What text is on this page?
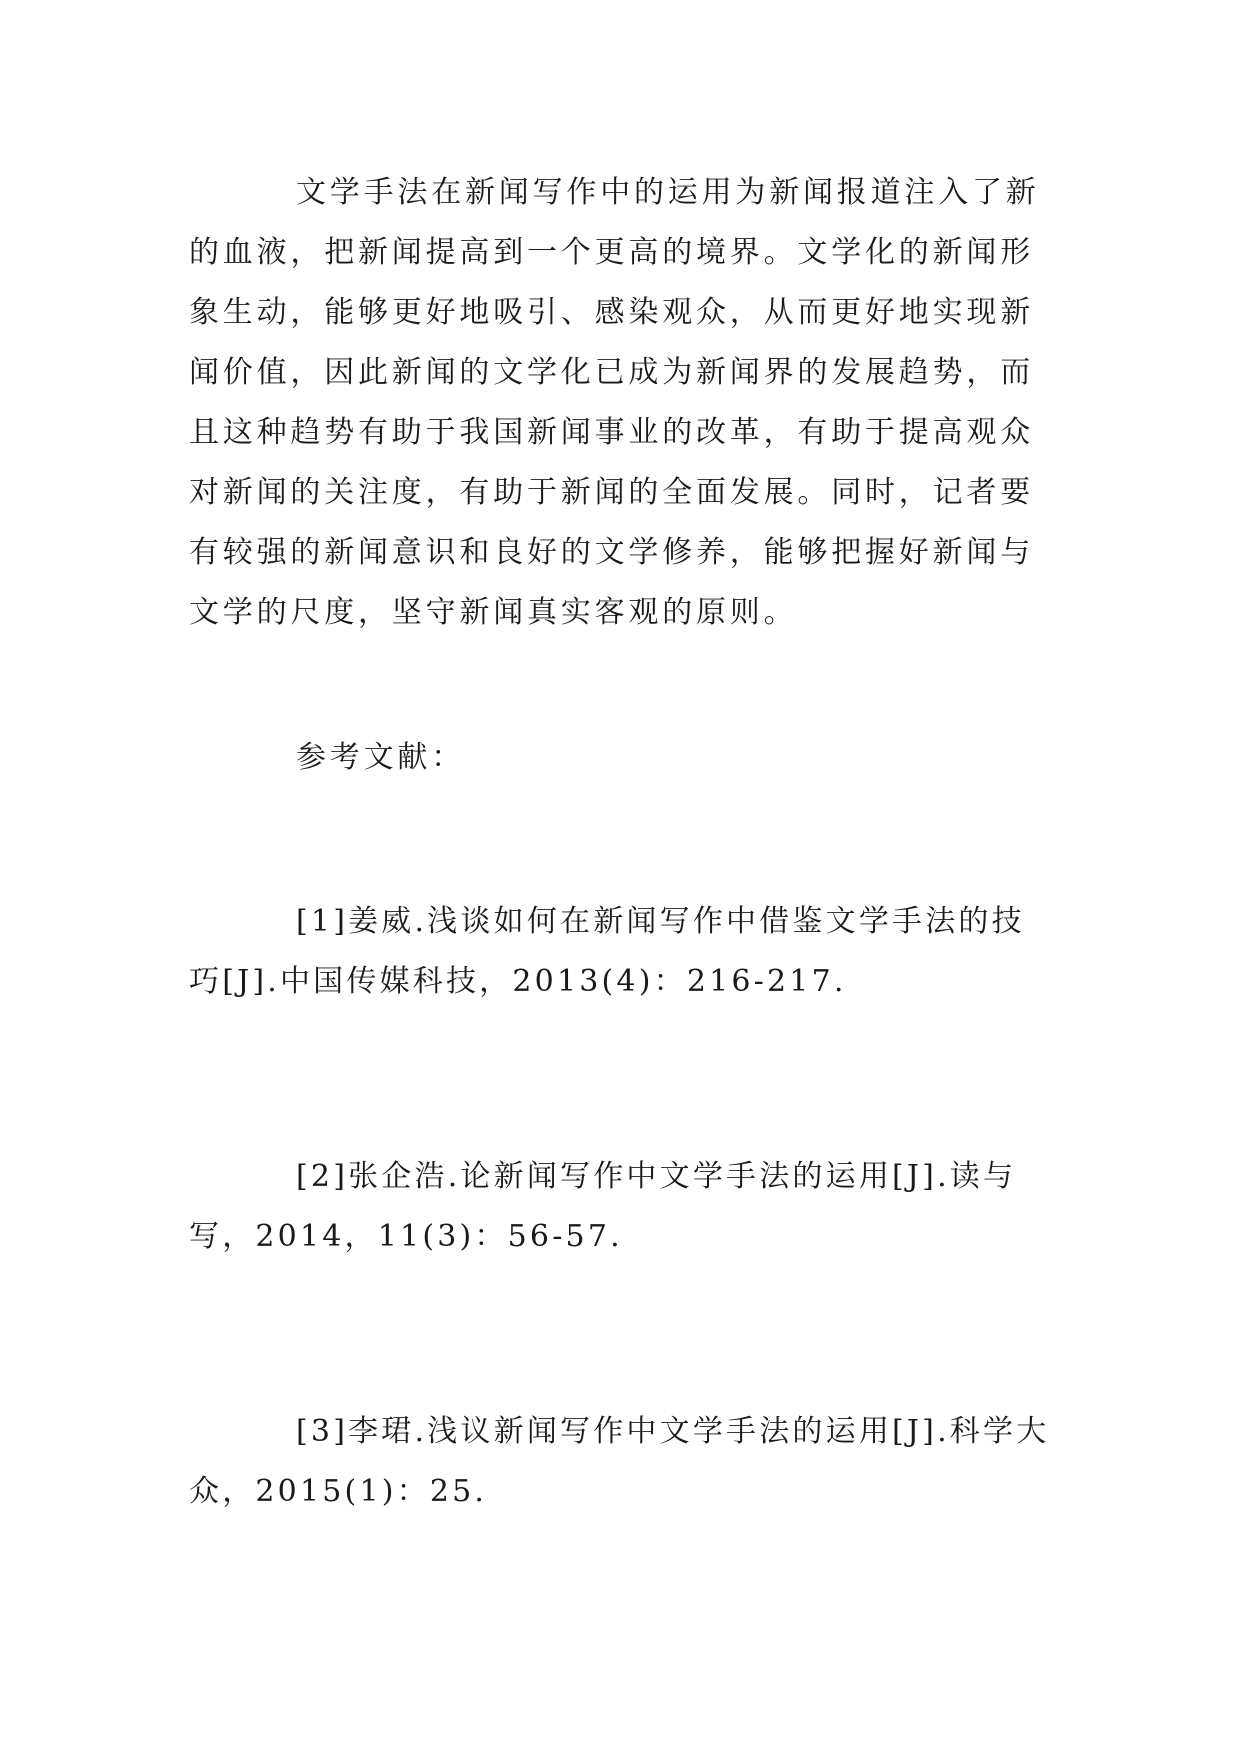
文学手法在新闻写作中的运用为新闻报道注入了新的血液，把新闻提高到一个更高的境界。文学化的新闻形象生动，能够更好地吸引、感染观众，从而更好地实现新闻价值，因此新闻的文学化已成为新闻界的发展趋势，而且这种趋势有助于我国新闻事业的改革，有助于提高观众对新闻的关注度，有助于新闻的全面发展。同时，记者要有较强的新闻意识和良好的文学修养，能够把握好新闻与文学的尺度，坚守新闻真实客观的原则。

参考文献：

[1]姜威.浅谈如何在新闻写作中借鉴文学手法的技巧[J].中国传媒科技，2013(4)：216-217.

[2]张企浩.论新闻写作中文学手法的运用[J].读与写，2014，11(3)：56-57.

[3]李珺.浅议新闻写作中文学手法的运用[J].科学大众，2015(1)：25.
